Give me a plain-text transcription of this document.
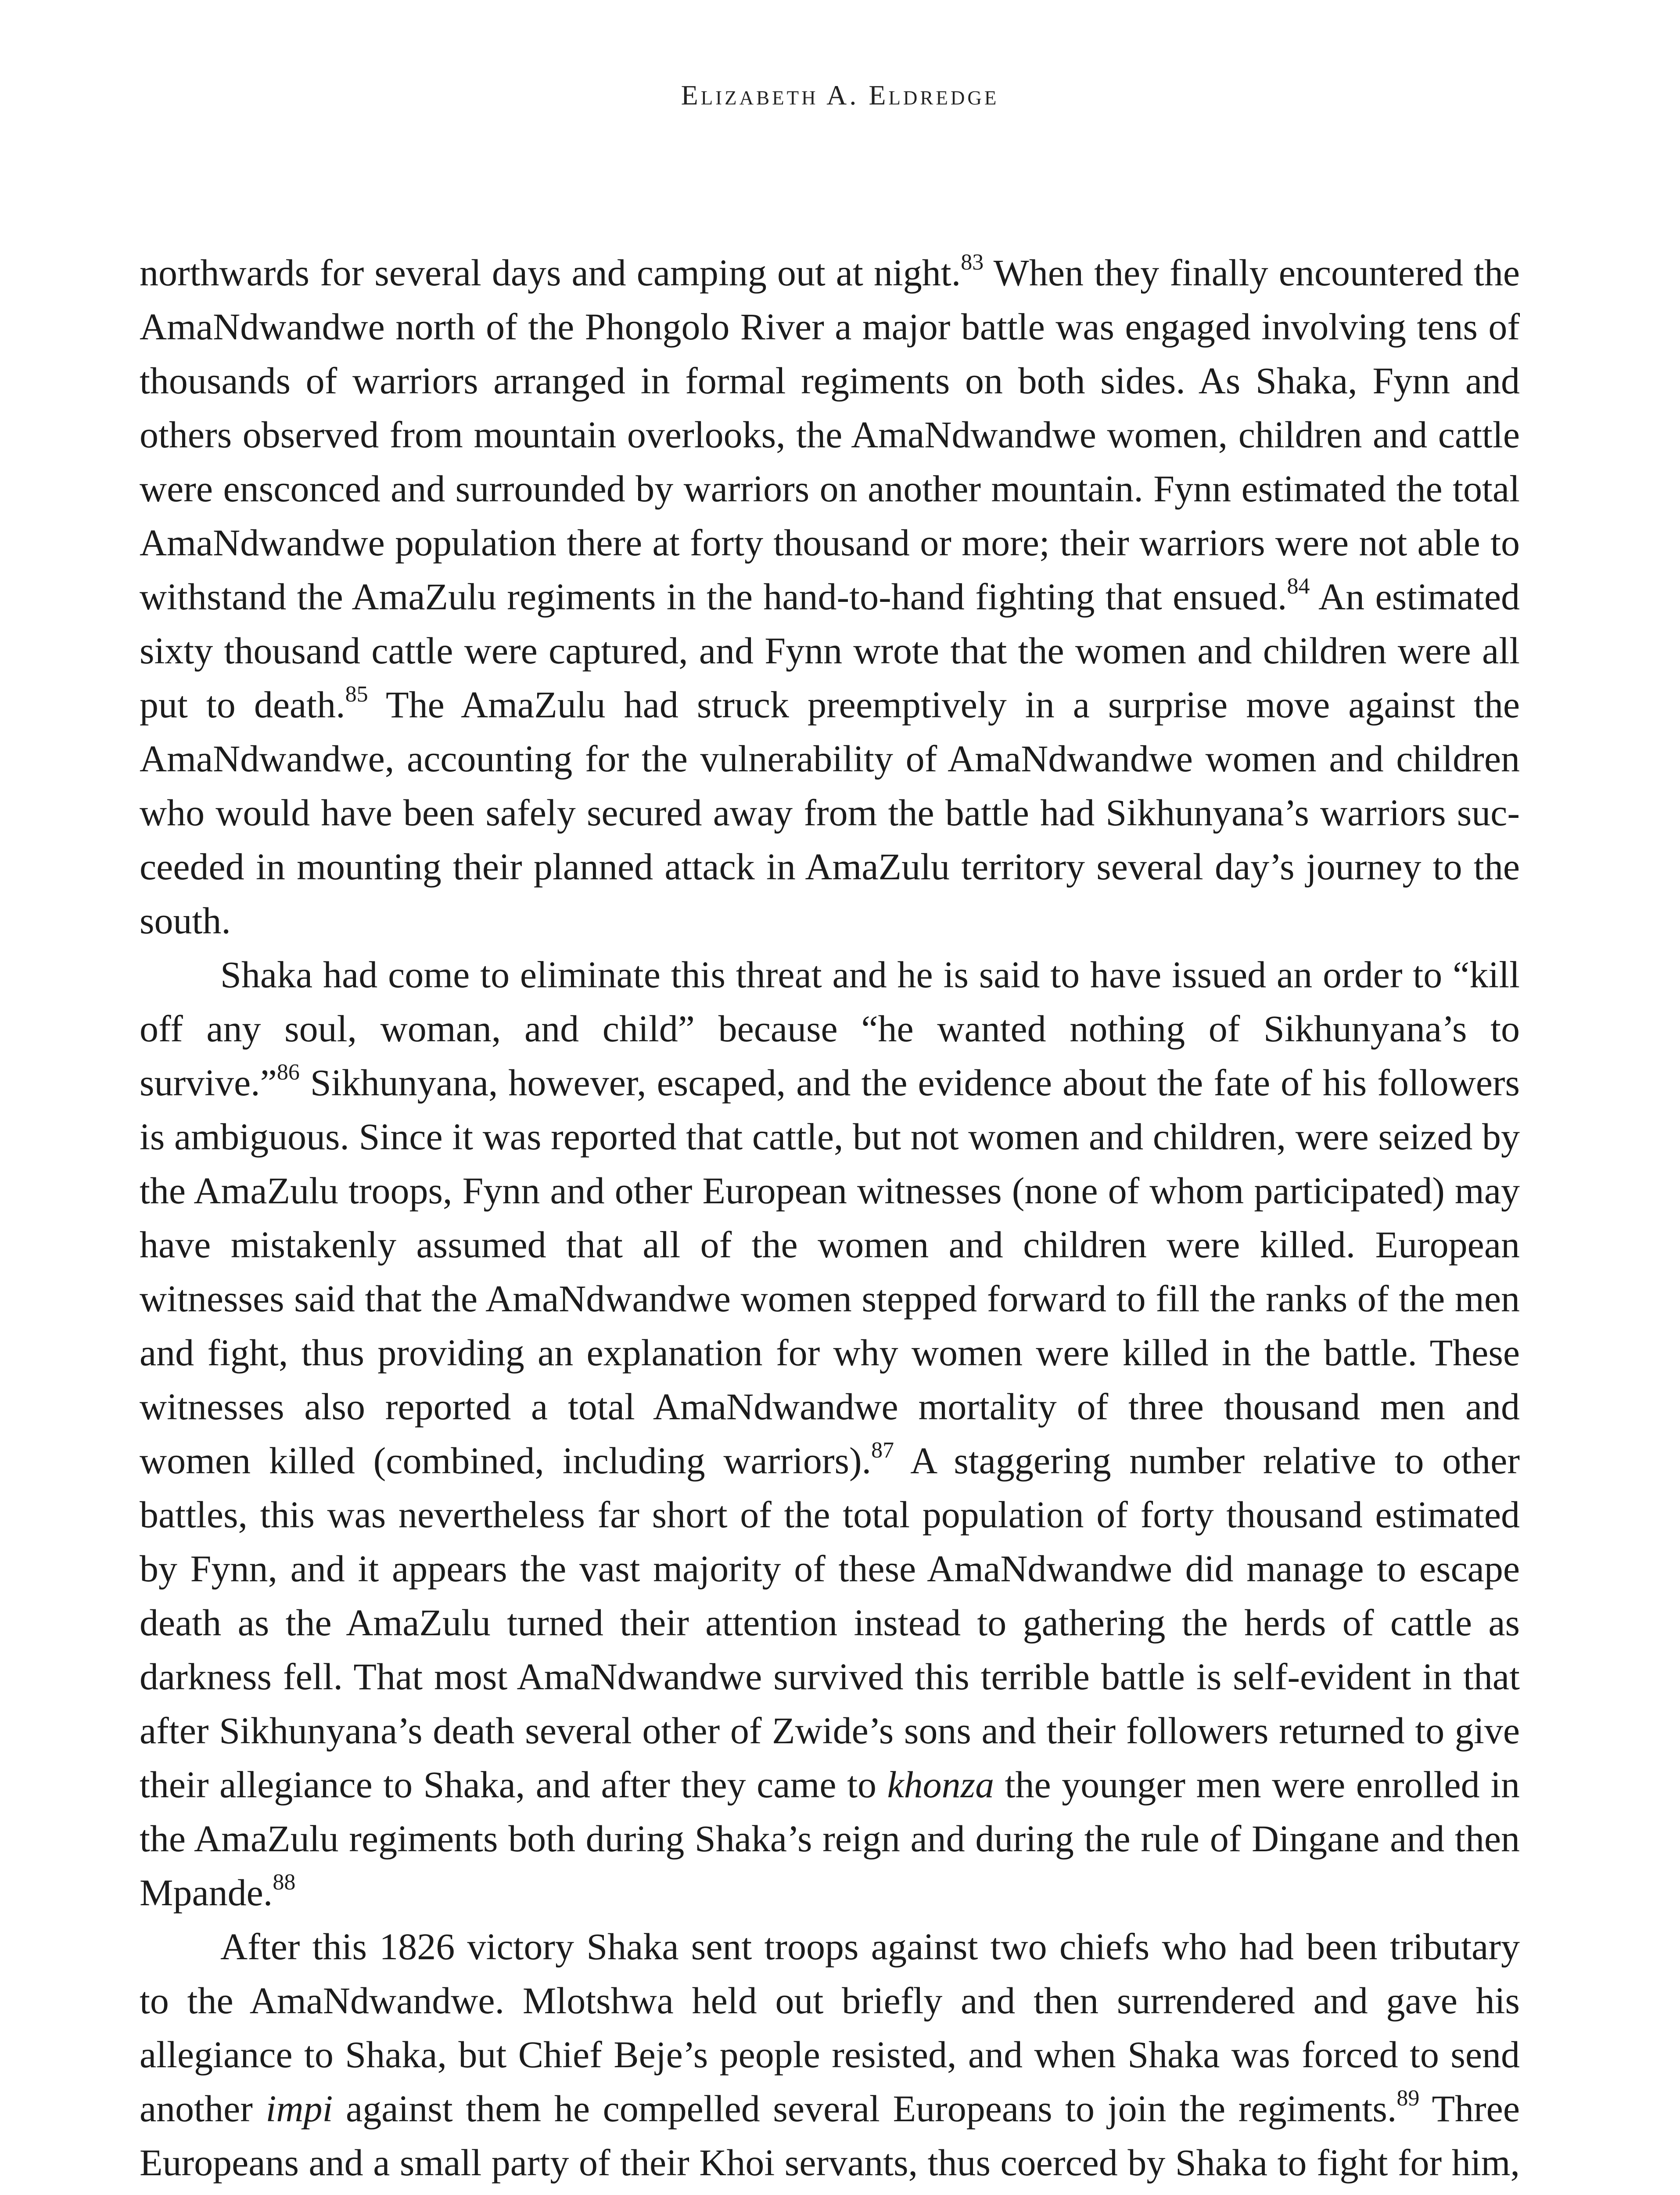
Elizabeth A. Eldredge

northwards for several days and camping out at night.$^{83}$ When they finally encountered the AmaNdwandwe north of the Phongolo River a major battle was engaged involving tens of thousands of warriors arranged in formal regiments on both sides. As Shaka, Fynn and others observed from mountain overlooks, the AmaNdwandwe women, children and cattle were ensconced and surrounded by warriors on another mountain. Fynn estimated the total AmaNdwandwe population there at forty thousand or more; their warriors were not able to withstand the AmaZulu regiments in the hand-to-hand fighting that ensued.$^{84}$ An estimated sixty thousand cattle were captured, and Fynn wrote that the women and children were all put to death.$^{85}$ The AmaZulu had struck preemptively in a surprise move against the AmaNdwandwe, accounting for the vulnerability of AmaNdwandwe women and children who would have been safely secured away from the battle had Sikhunyana’s warriors succeeded in mounting their planned attack in AmaZulu territory several day’s journey to the south.

Shaka had come to eliminate this threat and he is said to have issued an order to “kill off any soul, woman, and child” because “he wanted nothing of Sikhunyana’s to survive.”$^{86}$ Sikhunyana, however, escaped, and the evidence about the fate of his followers is ambiguous. Since it was reported that cattle, but not women and children, were seized by the AmaZulu troops, Fynn and other European witnesses (none of whom participated) may have mistakenly assumed that all of the women and children were killed. European witnesses said that the AmaNdwandwe women stepped forward to fill the ranks of the men and fight, thus providing an explanation for why women were killed in the battle. These witnesses also reported a total AmaNdwandwe mortality of three thousand men and women killed (combined, including warriors).$^{87}$ A staggering number relative to other battles, this was nevertheless far short of the total population of forty thousand estimated by Fynn, and it appears the vast majority of these AmaNdwandwe did manage to escape death as the AmaZulu turned their attention instead to gathering the herds of cattle as darkness fell. That most AmaNdwandwe survived this terrible battle is self-evident in that after Sikhunyana’s death several other of Zwide’s sons and their followers returned to give their allegiance to Shaka, and after they came to khonza the younger men were enrolled in the AmaZulu regiments both during Shaka’s reign and during the rule of Dingane and then Mpande.$^{88}$

After this 1826 victory Shaka sent troops against two chiefs who had been tributary to the AmaNdwandwe. Mlotshwa held out briefly and then surrendered and gave his allegiance to Shaka, but Chief Beje’s people resisted, and when Shaka was forced to send another impi against them he compelled several Europeans to join the regiments.$^{89}$ Three Europeans and a small party of their Khoi servants, thus coerced by Shaka to fight for him,
